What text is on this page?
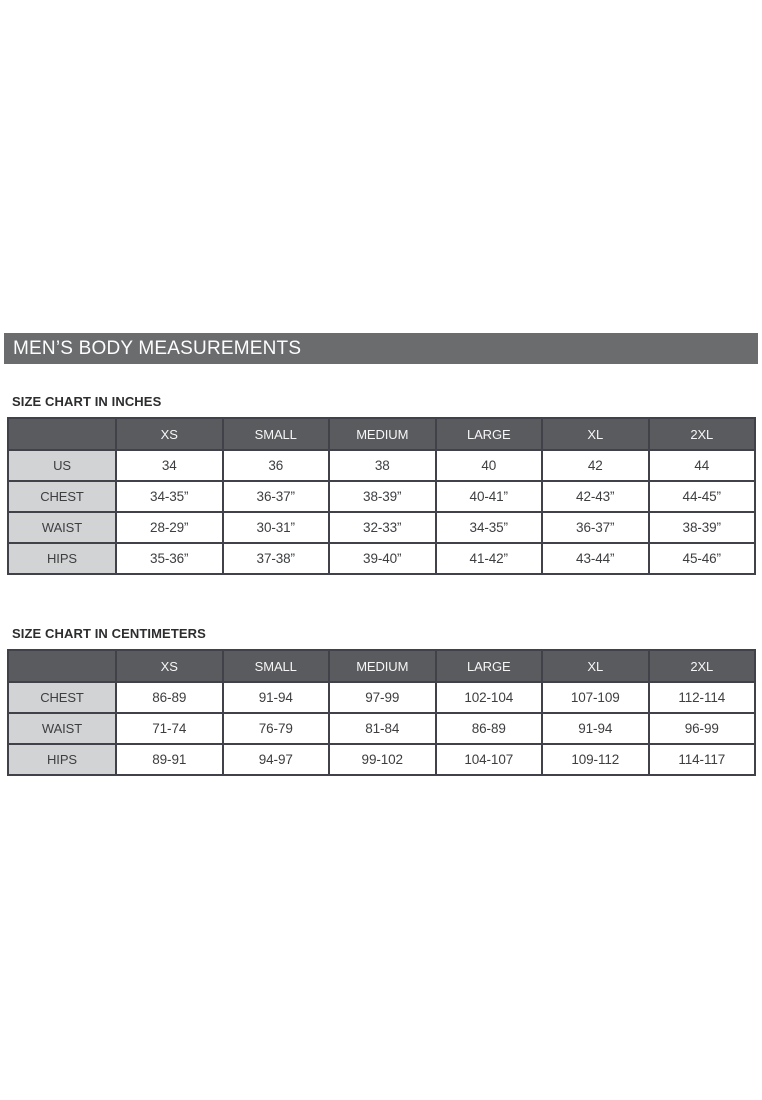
MEN’S BODY MEASUREMENTS
SIZE CHART IN INCHES
	XS	SMALL	MEDIUM	LARGE	XL	2XL
US	34	36	38	40	42	44
CHEST	34-35”	36-37”	38-39”	40-41”	42-43”	44-45”
WAIST	28-29”	30-31”	32-33”	34-35”	36-37”	38-39”
HIPS	35-36”	37-38”	39-40”	41-42”	43-44”	45-46”
SIZE CHART IN CENTIMETERS
	XS	SMALL	MEDIUM	LARGE	XL	2XL
CHEST	86-89	91-94	97-99	102-104	107-109	112-114
WAIST	71-74	76-79	81-84	86-89	91-94	96-99
HIPS	89-91	94-97	99-102	104-107	109-112	114-117
